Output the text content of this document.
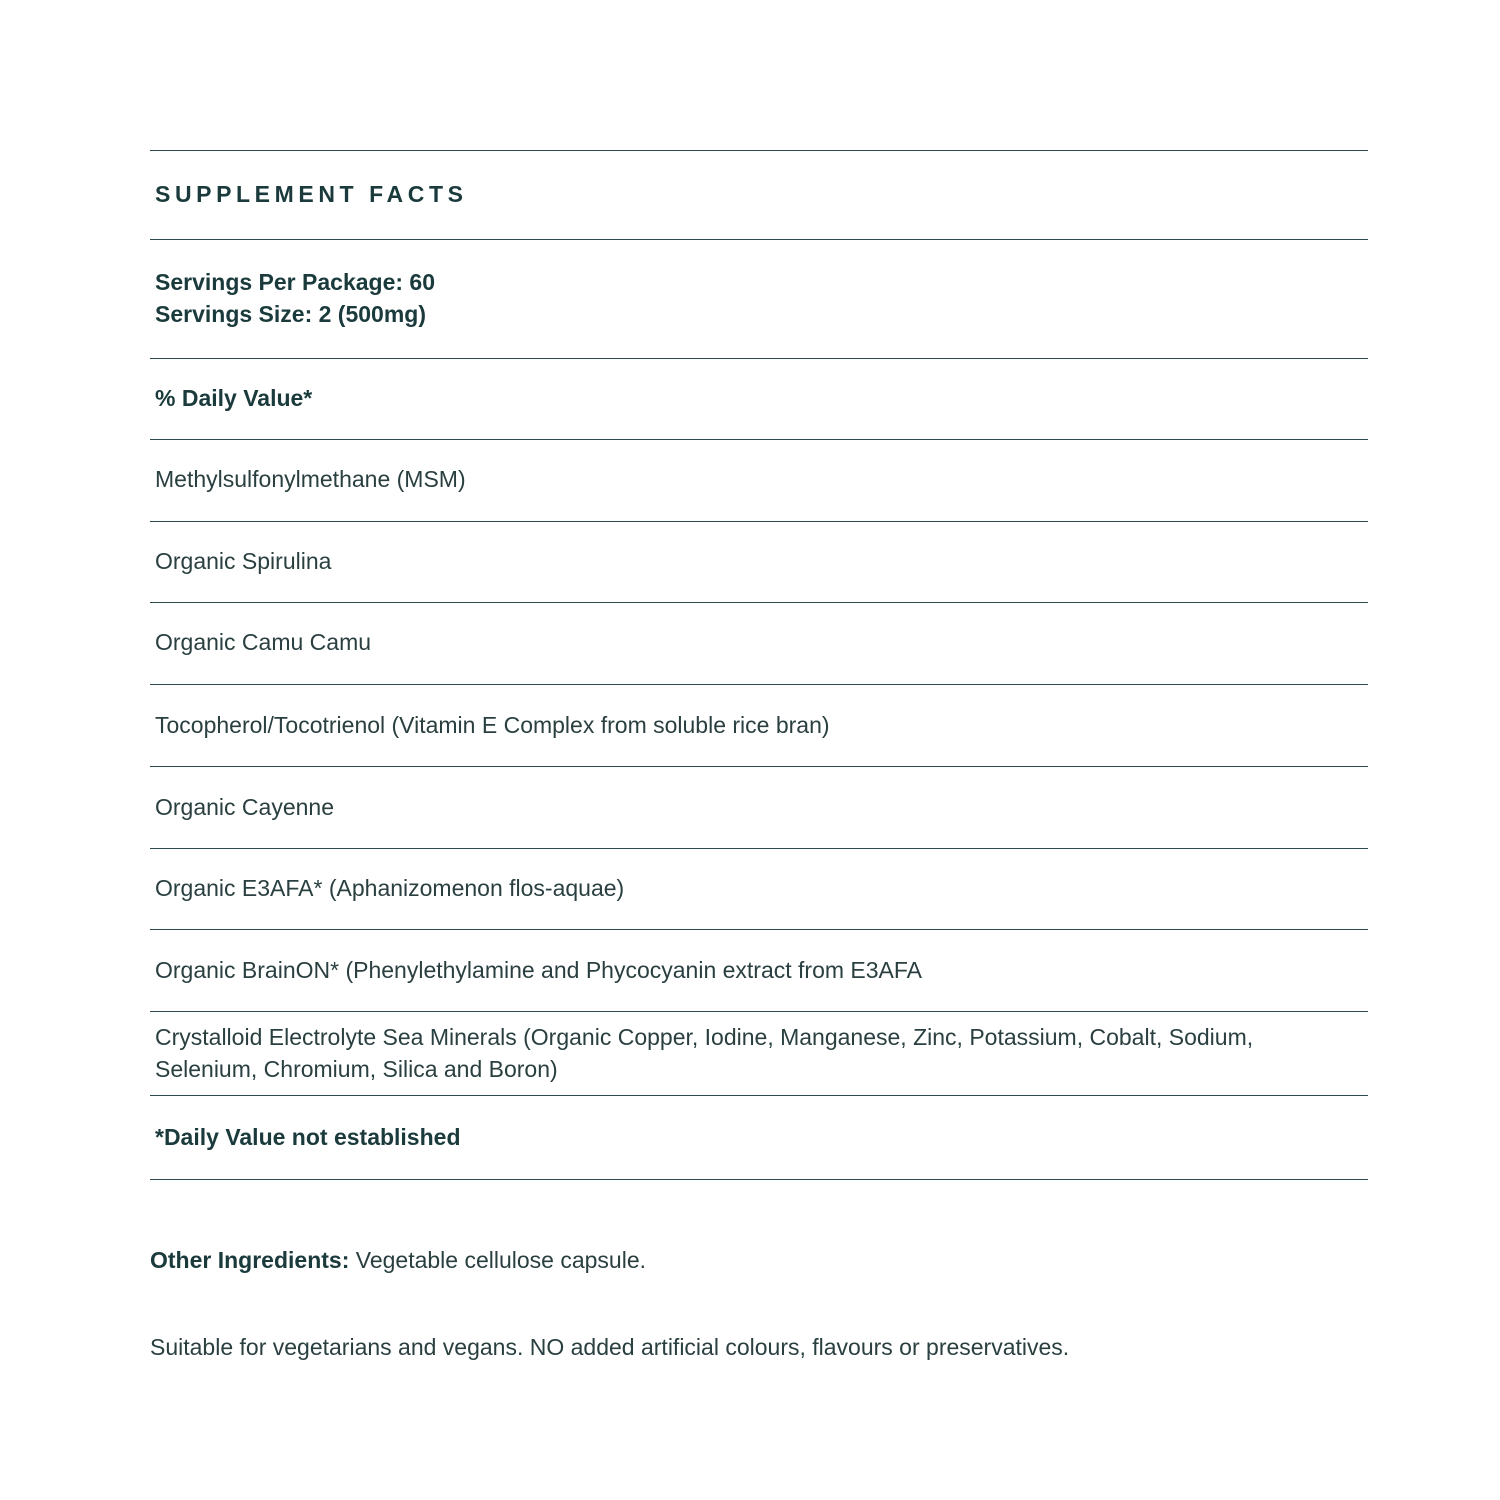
SUPPLEMENT FACTS
Servings Per Package: 60
Servings Size: 2 (500mg)
% Daily Value*
Methylsulfonylmethane (MSM)
Organic Spirulina
Organic Camu Camu
Tocopherol/Tocotrienol (Vitamin E Complex from soluble rice bran)
Organic Cayenne
Organic E3AFA* (Aphanizomenon flos-aquae)
Organic BrainON* (Phenylethylamine and Phycocyanin extract from E3AFA
Crystalloid Electrolyte Sea Minerals (Organic Copper, Iodine, Manganese, Zinc, Potassium, Cobalt, Sodium, Selenium, Chromium, Silica and Boron)
*Daily Value not established
Other Ingredients: Vegetable cellulose capsule.
Suitable for vegetarians and vegans. NO added artificial colours, flavours or preservatives.
